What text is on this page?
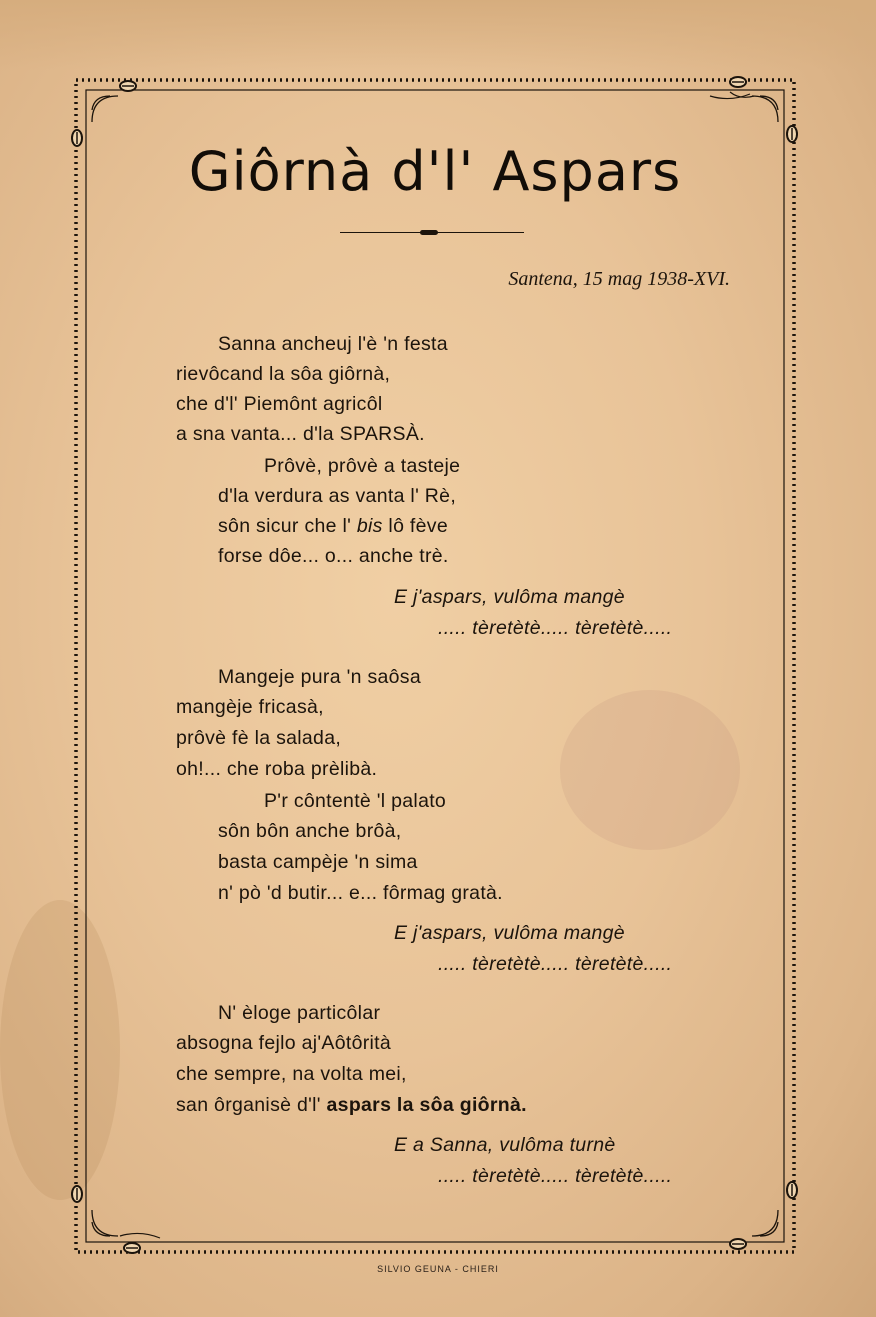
Giôrnà d'l' Aspars
Santena, 15 mag 1938-XVI.
Sanna ancheuj l'è 'n festa
rievôcand la sôa giôrnà,
che d'l' Piemônt agricôl
a sna vanta... d'la SPARSÀ.
Prôvè, prôvè a tasteje
d'la verdura as vanta l' Rè,
sôn sicur che l' bis lô fève
forse dôe... o... anche trè.
E j'aspars, vulôma mangè
..... tèretètè..... tèretètè.....
Mangeje pura 'n saôsa
mangèje fricasà,
prôvè fè la salada,
oh!... che roba prèlibà.
P'r côntentè 'l palato
sôn bôn anche brôà,
basta campèje 'n sima
n' pò 'd butir... e... fôrmag gratà.
E j'aspars, vulôma mangè
..... tèretètè..... tèretètè.....
N' èloge particôlar
absogna fejlo aj'Aôtôrità
che sempre, na volta mei,
san ôrganisè d'l' aspars la sôa giôrnà.
E a Sanna, vulôma turnè
..... tèretètè..... tèretètè.....
SILVIO GEUNA - CHIERI
